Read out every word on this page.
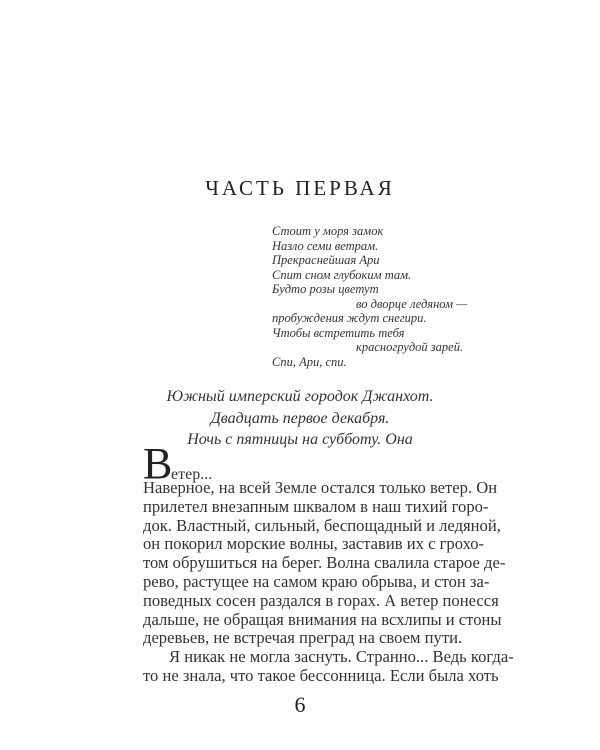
ЧАСТЬ ПЕРВАЯ
Стоит у моря замок
Назло семи ветрам.
Прекраснейшая Ари
Спит сном глубоким там.
Будто розы цветут
во дворце ледяном —
пробуждения ждут снегири.
Чтобы встретить тебя
красногрудой зарей.
Спи, Ари, спи.
Южный имперский городок Джанхот.
Двадцать первое декабря.
Ночь с пятницы на субботу. Она
В
етер...
Наверное, на всей Земле остался только ветер. Он
прилетел внезапным шквалом в наш тихий горо-
док. Властный, сильный, беспощадный и ледяной,
он покорил морские волны, заставив их с грохо-
том обрушиться на берег. Волна свалила старое де-
рево, растущее на самом краю обрыва, и стон за-
поведных сосен раздался в горах. А ветер понесся
дальше, не обращая внимания на всхлипы и стоны
деревьев, не встречая преград на своем пути.
Я никак не могла заснуть. Странно... Ведь когда-
то не знала, что такое бессонница. Если была хоть
6
